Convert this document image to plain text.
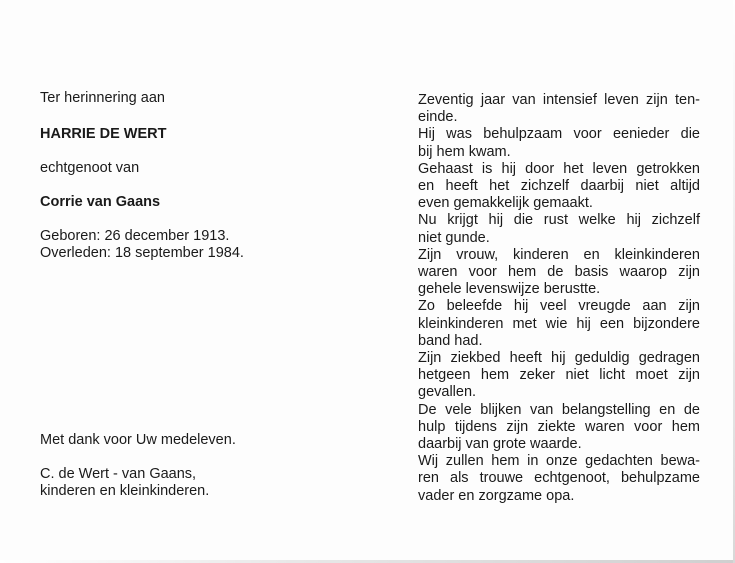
Ter herinnering aan
HARRIE DE WERT
echtgenoot van
Corrie van Gaans
Geboren: 26 december 1913.
Overleden: 18 september 1984.
Met dank voor Uw medeleven.
C. de Wert - van Gaans,
kinderen en kleinkinderen.
Zeventig jaar van intensief leven zijn ten-
einde.
Hij was behulpzaam voor eenieder die
bij hem kwam.
Gehaast is hij door het leven getrokken
en heeft het zichzelf daarbij niet altijd
even gemakkelijk gemaakt.
Nu krijgt hij die rust welke hij zichzelf
niet gunde.
Zijn vrouw, kinderen en kleinkinderen
waren voor hem de basis waarop zijn
gehele levenswijze berustte.
Zo beleefde hij veel vreugde aan zijn
kleinkinderen met wie hij een bijzondere
band had.
Zijn ziekbed heeft hij geduldig gedragen
hetgeen hem zeker niet licht moet zijn
gevallen.
De vele blijken van belangstelling en de
hulp tijdens zijn ziekte waren voor hem
daarbij van grote waarde.
Wij zullen hem in onze gedachten bewa-
ren als trouwe echtgenoot, behulpzame
vader en zorgzame opa.
